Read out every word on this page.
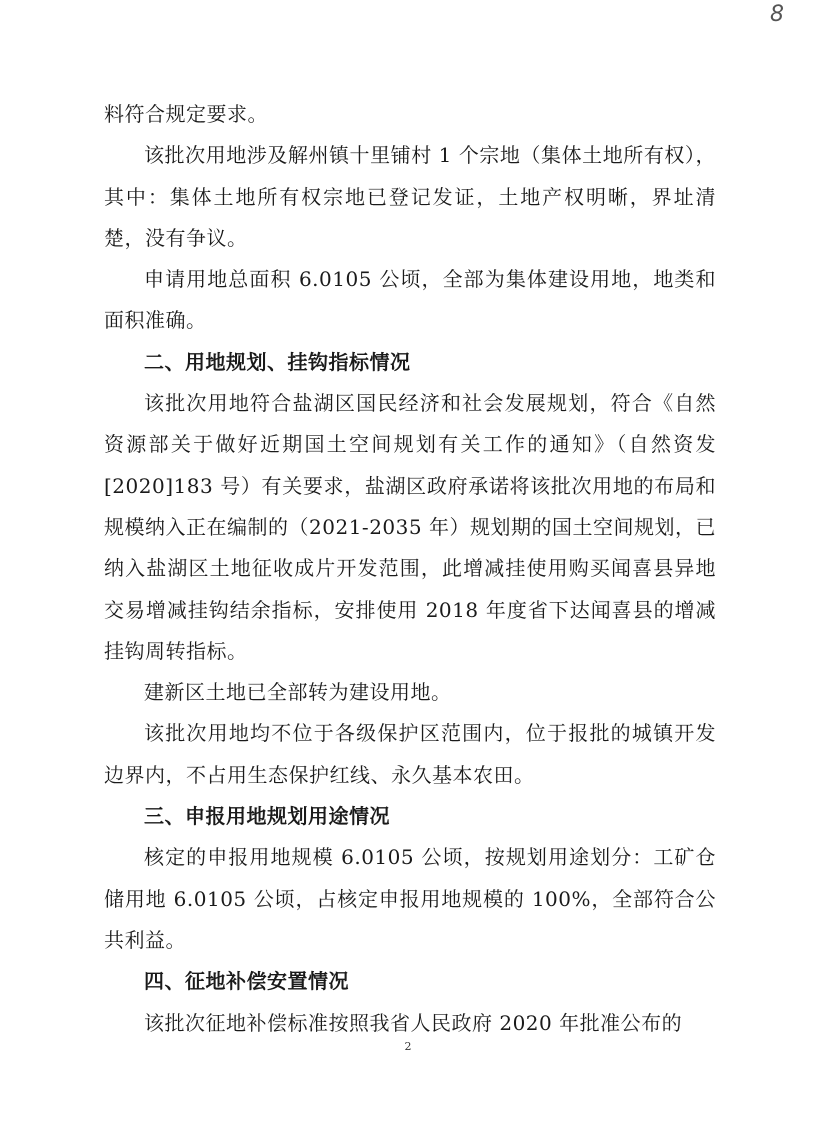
8

料符合规定要求。

该批次用地涉及解州镇十里铺村 1 个宗地（集体土地所有权），其中：集体土地所有权宗地已登记发证，土地产权明晰，界址清楚，没有争议。

申请用地总面积 6.0105 公顷，全部为集体建设用地，地类和面积准确。

二、用地规划、挂钩指标情况

该批次用地符合盐湖区国民经济和社会发展规划，符合《自然资源部关于做好近期国土空间规划有关工作的通知》（自然资发[2020]183 号）有关要求，盐湖区政府承诺将该批次用地的布局和规模纳入正在编制的（2021-2035 年）规划期的国土空间规划，已纳入盐湖区土地征收成片开发范围，此增减挂使用购买闻喜县异地交易增减挂钩结余指标，安排使用 2018 年度省下达闻喜县的增减挂钩周转指标。

建新区土地已全部转为建设用地。

该批次用地均不位于各级保护区范围内，位于报批的城镇开发边界内，不占用生态保护红线、永久基本农田。

三、申报用地规划用途情况

核定的申报用地规模 6.0105 公顷，按规划用途划分：工矿仓储用地 6.0105 公顷，占核定申报用地规模的 100%，全部符合公共利益。

四、征地补偿安置情况

该批次征地补偿标准按照我省人民政府 2020 年批准公布的

2
